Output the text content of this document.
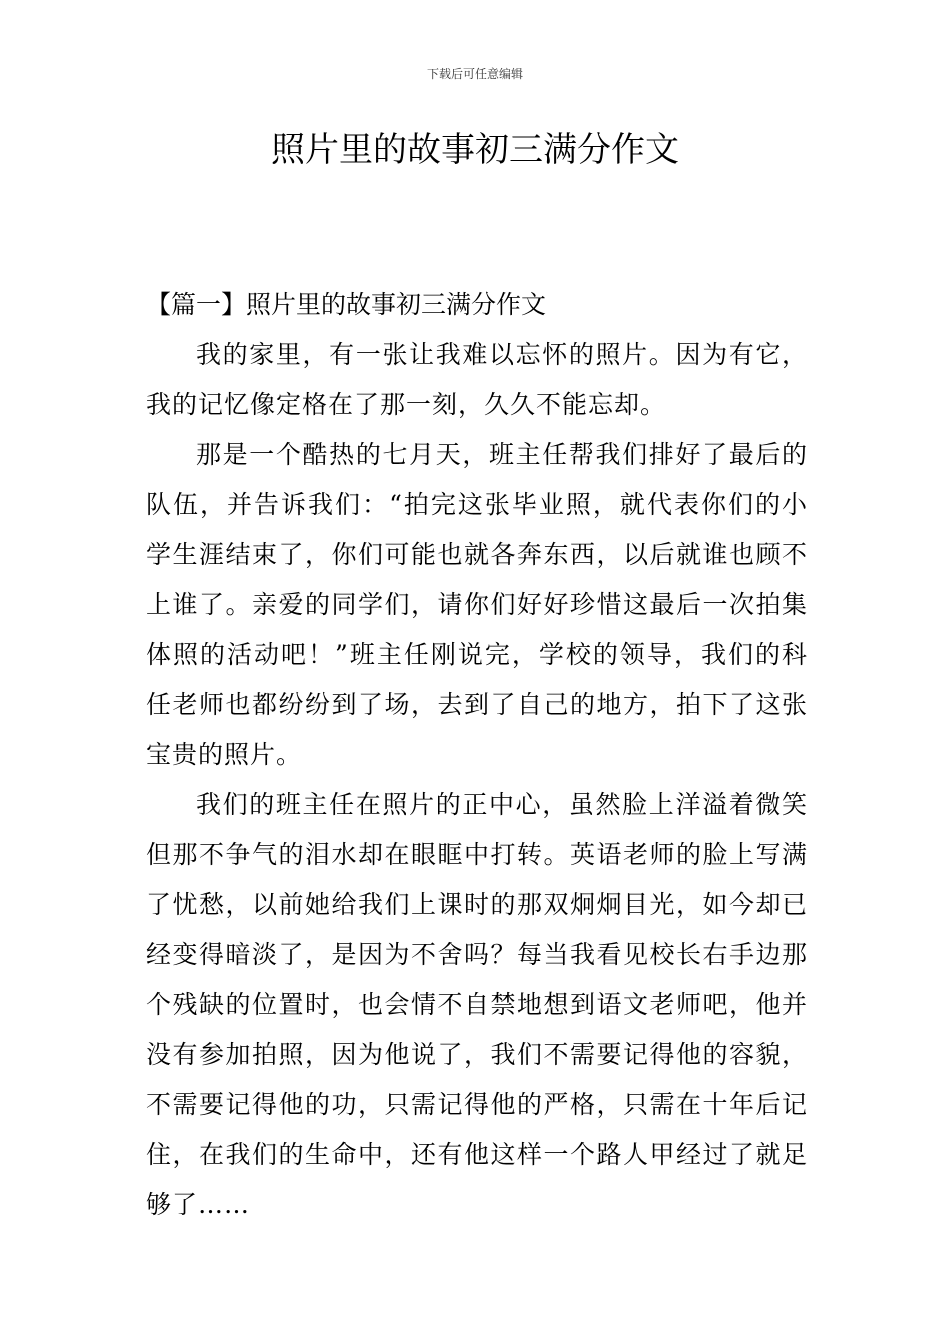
下载后可任意编辑
照片里的故事初三满分作文
【篇一】照片里的故事初三满分作文

我的家里，有一张让我难以忘怀的照片。因为有它，我的记忆像定格在了那一刻，久久不能忘却。

那是一个酷热的七月天，班主任帮我们排好了最后的队伍，并告诉我们：“拍完这张毕业照，就代表你们的小学生涯结束了，你们可能也就各奔东西，以后就谁也顾不上谁了。亲爱的同学们，请你们好好珍惜这最后一次拍集体照的活动吧！”班主任刚说完，学校的领导，我们的科任老师也都纷纷到了场，去到了自己的地方，拍下了这张宝贵的照片。

我们的班主任在照片的正中心，虽然脸上洋溢着微笑但那不争气的泪水却在眼眶中打转。英语老师的脸上写满了忧愁，以前她给我们上课时的那双炯炯目光，如今却已经变得暗淡了，是因为不舍吗？每当我看见校长右手边那个残缺的位置时，也会情不自禁地想到语文老师吧，他并没有参加拍照，因为他说了，我们不需要记得他的容貌，不需要记得他的功，只需记得他的严格，只需在十年后记住，在我们的生命中，还有他这样一个路人甲经过了就足够了……
